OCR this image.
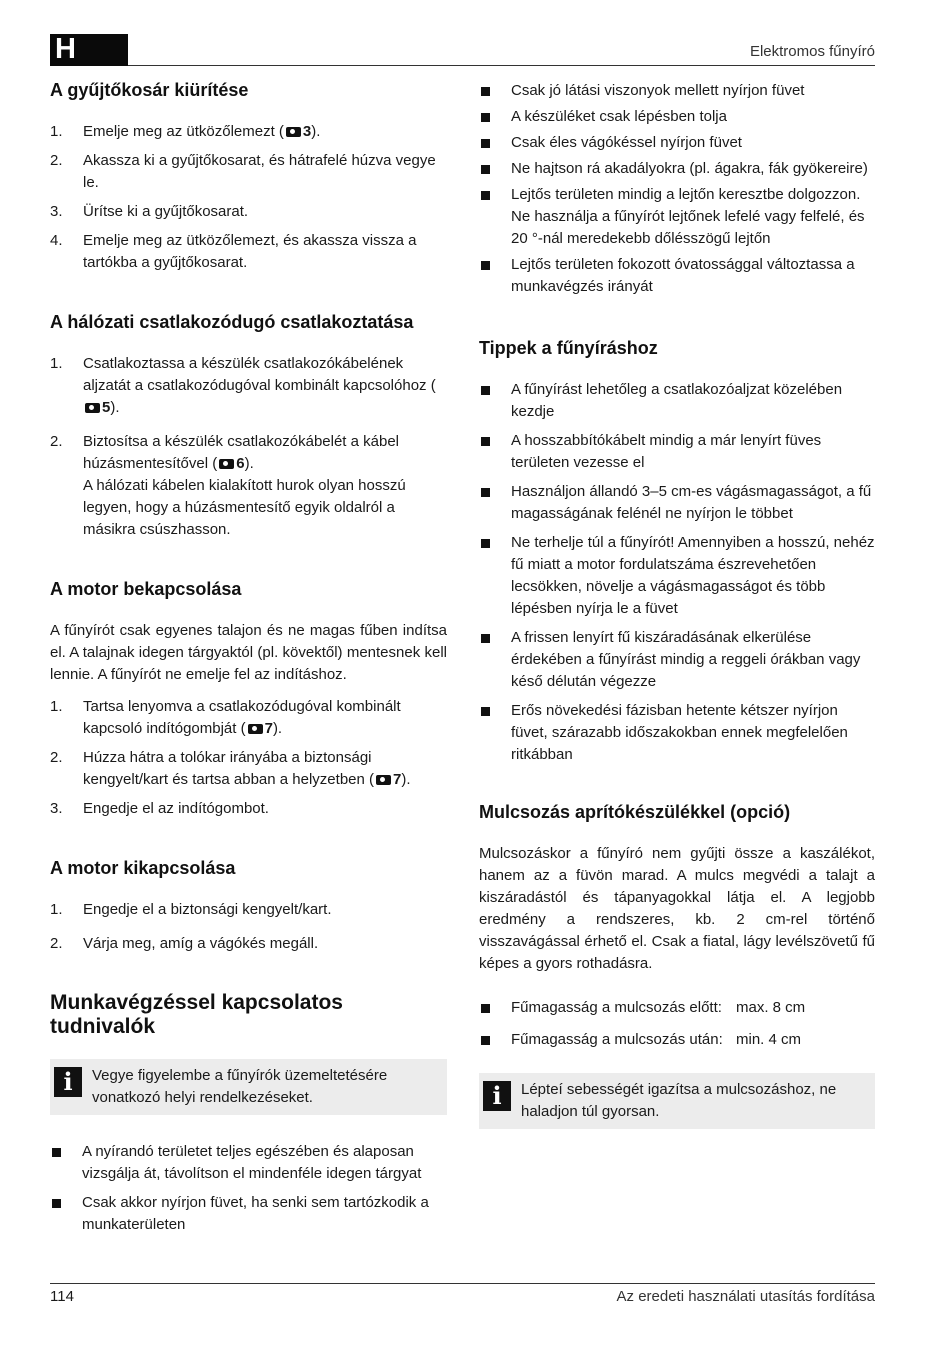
H	Elektromos fűnyíró
A gyűjtőkosár kiürítése
1. Emelje meg az ütközőlemezt ( 3).
2. Akassza ki a gyűjtőkosarat, és hátrafelé húzva vegye le.
3. Ürítse ki a gyűjtőkosarat.
4. Emelje meg az ütközőlemezt, és akassza vissza a tartókba a gyűjtőkosarat.
A hálózati csatlakozódugó csatlakoztatása
1. Csatlakoztassa a készülék csatlakozókábelének aljzatát a csatlakozódugóval kombinált kapcsolóhoz (5).
2. Biztosítsa a készülék csatlakozókábelét a kábel húzásmentesítővel ( 6).
A hálózati kábelen kialakított hurok olyan hosszú legyen, hogy a húzásmentesítő egyik oldalról a másikra csúszhasson.
A motor bekapcsolása

A fűnyírót csak egyenes talajon és ne magas fűben indítsa el. A talajnak idegen tárgyaktól (pl. kövektől) mentesnek kell lennie. A fűnyírót ne emelje fel az indításhoz.

1. Tartsa lenyomva a csatlakozódugóval kombinált kapcsoló indítógombját ( 7).
2. Húzza hátra a tolókar irányába a biztonsági kengyelt/kart és tartsa abban a helyzetben ( 7).
3. Engedje el az indítógombot.
A motor kikapcsolása
1. Engedje el a biztonsági kengyelt/kart.
2. Várja meg, amíg a vágókés megáll.
Munkavégzéssel kapcsolatos tudnivalók
i	Vegye figyelembe a fűnyírók üzemeltetésére vonatkozó helyi rendelkezéseket.
A nyírandó területet teljes egészében és alaposan vizsgálja át, távolítson el mindenféle idegen tárgyat
Csak akkor nyírjon füvet, ha senki sem tartózkodik a munkaterületen
Csak jó látási viszonyok mellett nyírjon füvet
A készüléket csak lépésben tolja
Csak éles vágókéssel nyírjon füvet
Ne hajtson rá akadályokra (pl. ágakra, fák gyökereire)
Lejtős területen mindig a lejtőn keresztbe dolgozzon. Ne használja a fűnyírót lejtőnek lefelé vagy felfelé, és 20 °-nál meredekebb dőlésszögű lejtőn
Lejtős területen fokozott óvatossággal változtassa a munkavégzés irányát
Tippek a fűnyíráshoz
A fűnyírást lehetőleg a csatlakozóaljzat közelében kezdje
A hosszabbítókábelt mindig a már lenyírt füves területen vezesse el
Használjon állandó 3–5 cm-es vágásmagasságot, a fű magasságának felénél ne nyírjon le többet
Ne terhelje túl a fűnyírót! Amennyiben a hosszú, nehéz fű miatt a motor fordulatszáma észrevehetően lecsökken, növelje a vágásmagasságot és több lépésben nyírja le a füvet
A frissen lenyírt fű kiszáradásának elkerülése érdekében a fűnyírást mindig a reggeli órákban vagy késő délután végezze
Erős növekedési fázisban hetente kétszer nyírjon füvet, szárazabb időszakokban ennek megfelelően ritkábban
Mulcsozás aprítókészülékkel (opció)

Mulcsozáskor a fűnyíró nem gyűjti össze a kaszálékot, hanem az a füvön marad. A mulcs megvédi a talajt a kiszáradástól és tápanyagokkal látja el. A legjobb eredmény a rendszeres, kb. 2 cm-rel történő visszavágással érhető el. Csak a fiatal, lágy levélszövetű fű képes a gyors rothadásra.

Fűmagasság a mulcsozás előtt: max. 8 cm
Fűmagasság a mulcsozás után: min. 4 cm
i	Lépteí sebességét igazítsa a mulcsozáshoz, ne haladjon túl gyorsan.
114	Az eredeti használati utasítás fordítása
